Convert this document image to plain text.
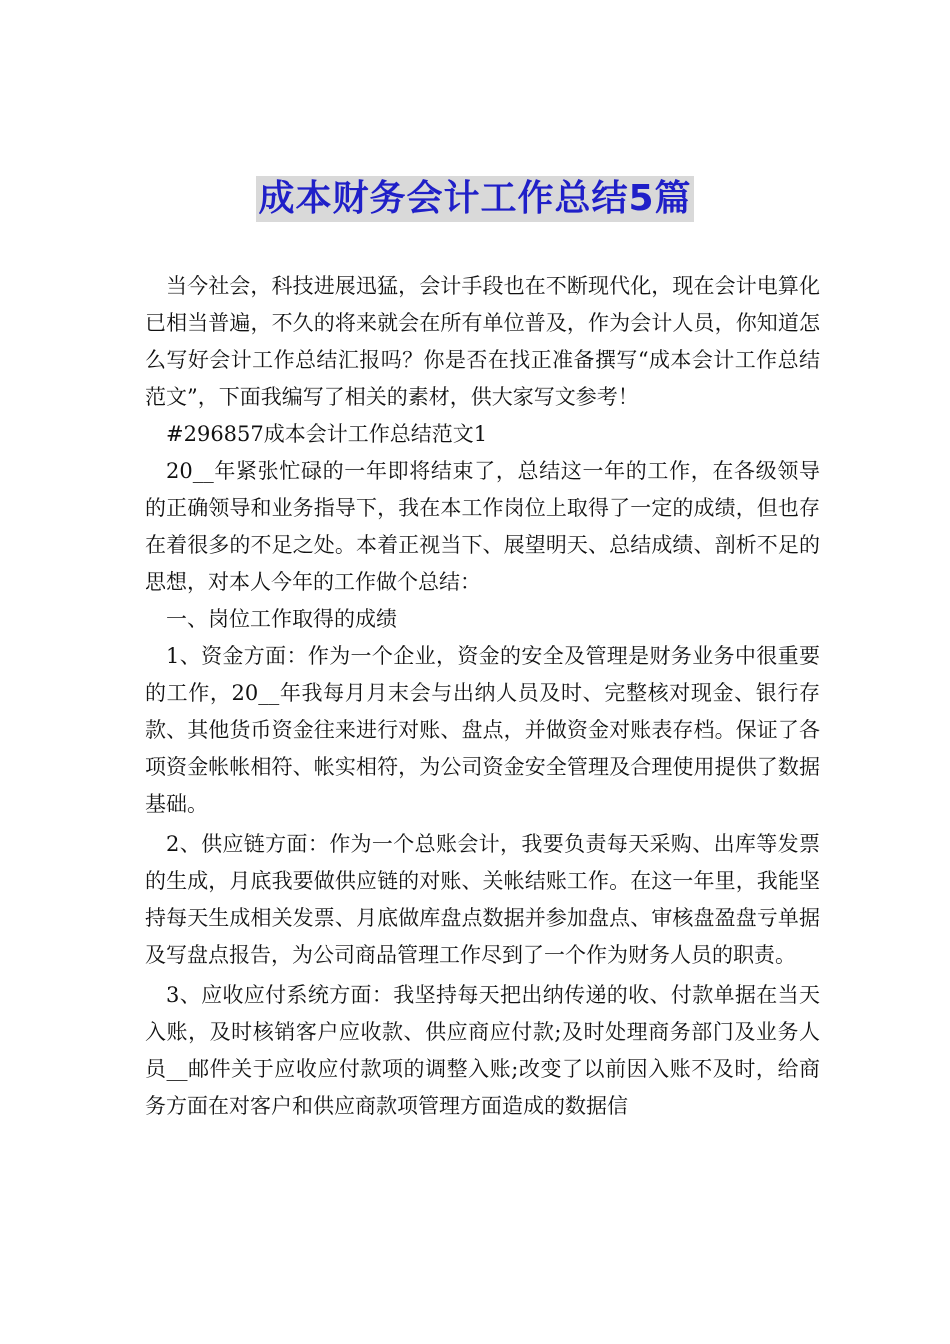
成本财务会计工作总结5篇

当今社会，科技进展迅猛，会计手段也在不断现代化，现在会计电算化已相当普遍，不久的将来就会在所有单位普及，作为会计人员，你知道怎么写好会计工作总结汇报吗？你是否在找正准备撰写“成本会计工作总结范文”，下面我编写了相关的素材，供大家写文参考！

#296857成本会计工作总结范文1

20__年紧张忙碌的一年即将结束了，总结这一年的工作，在各级领导的正确领导和业务指导下，我在本工作岗位上取得了一定的成绩，但也存在着很多的不足之处。本着正视当下、展望明天、总结成绩、剖析不足的思想，对本人今年的工作做个总结：

一、岗位工作取得的成绩

1、资金方面：作为一个企业，资金的安全及管理是财务业务中很重要的工作，20__年我每月月末会与出纳人员及时、完整核对现金、银行存款、其他货币资金往来进行对账、盘点，并做资金对账表存档。保证了各项资金帐帐相符、帐实相符，为公司资金安全管理及合理使用提供了数据基础。

2、供应链方面：作为一个总账会计，我要负责每天采购、出库等发票的生成，月底我要做供应链的对账、关帐结账工作。在这一年里，我能坚持每天生成相关发票、月底做库盘点数据并参加盘点、审核盘盈盘亏单据及写盘点报告，为公司商品管理工作尽到了一个作为财务人员的职责。

3、应收应付系统方面：我坚持每天把出纳传递的收、付款单据在当天入账，及时核销客户应收款、供应商应付款;及时处理商务部门及业务人员__邮件关于应收应付款项的调整入账;改变了以前因入账不及时，给商务方面在对客户和供应商款项管理方面造成的数据信
